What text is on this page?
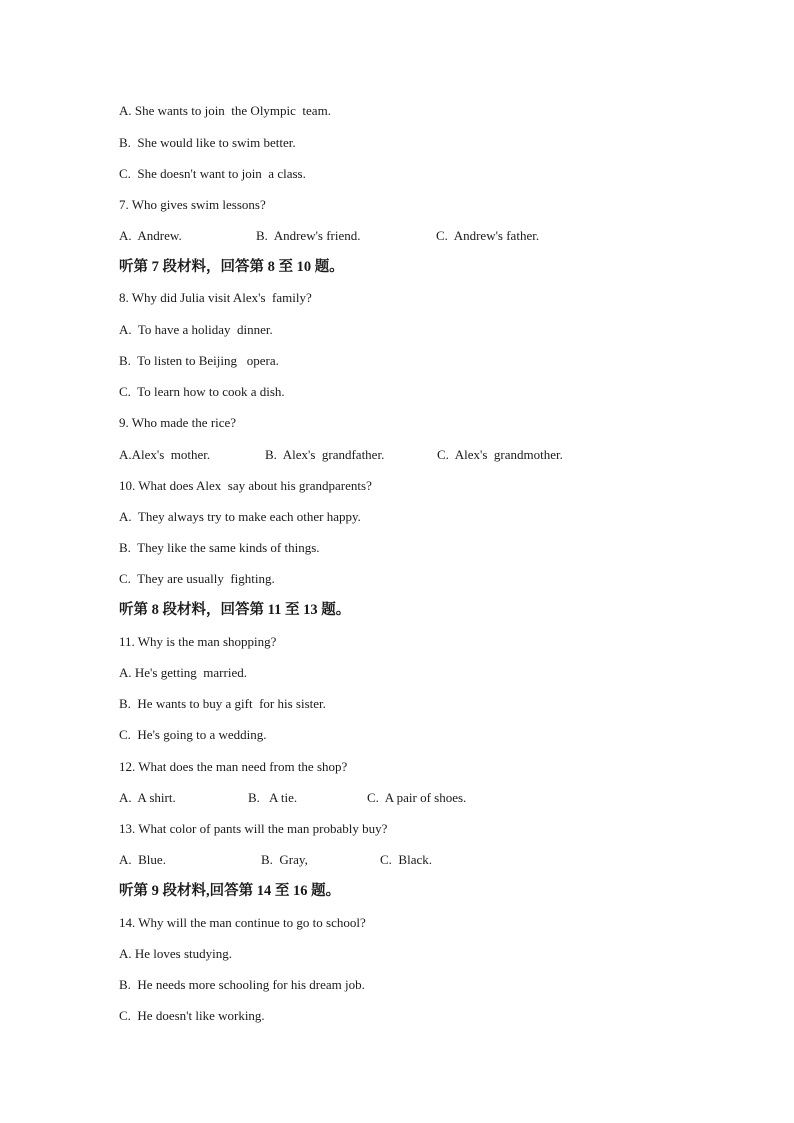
A. She wants to join  the Olympic  team.
B.  She would like to swim better.
C.  She doesn't want to join  a class.
7. Who gives swim lessons?
A.  Andrew.	B.  Andrew's friend.	C.  Andrew's father.
听第 7 段材料，回答第 8 至 10 题。
8. Why did Julia visit Alex's  family?
A.  To have a holiday  dinner.
B.  To listen to Beijing   opera.
C.  To learn how to cook a dish.
9. Who made the rice?
A.Alex's  mother.	B.  Alex's  grandfather.	C.  Alex's  grandmother.
10. What does Alex  say about his grandparents?
A.  They always try to make each other happy.
B.  They like the same kinds of things.
C.  They are usually  fighting.
听第 8 段材料，回答第 11 至 13 题。
11. Why is the man shopping?
A. He's getting  married.
B.  He wants to buy a gift  for his sister.
C.  He's going to a wedding.
12. What does the man need from the shop?
A.  A shirt.	B.   A tie.	C.  A pair of shoes.
13. What color of pants will the man probably buy?
A.  Blue.	B.  Gray,	C.  Black.
听第 9 段材料,回答第 14 至 16 题。
14. Why will the man continue to go to school?
A. He loves studying.
B.  He needs more schooling for his dream job.
C.  He doesn't like working.
